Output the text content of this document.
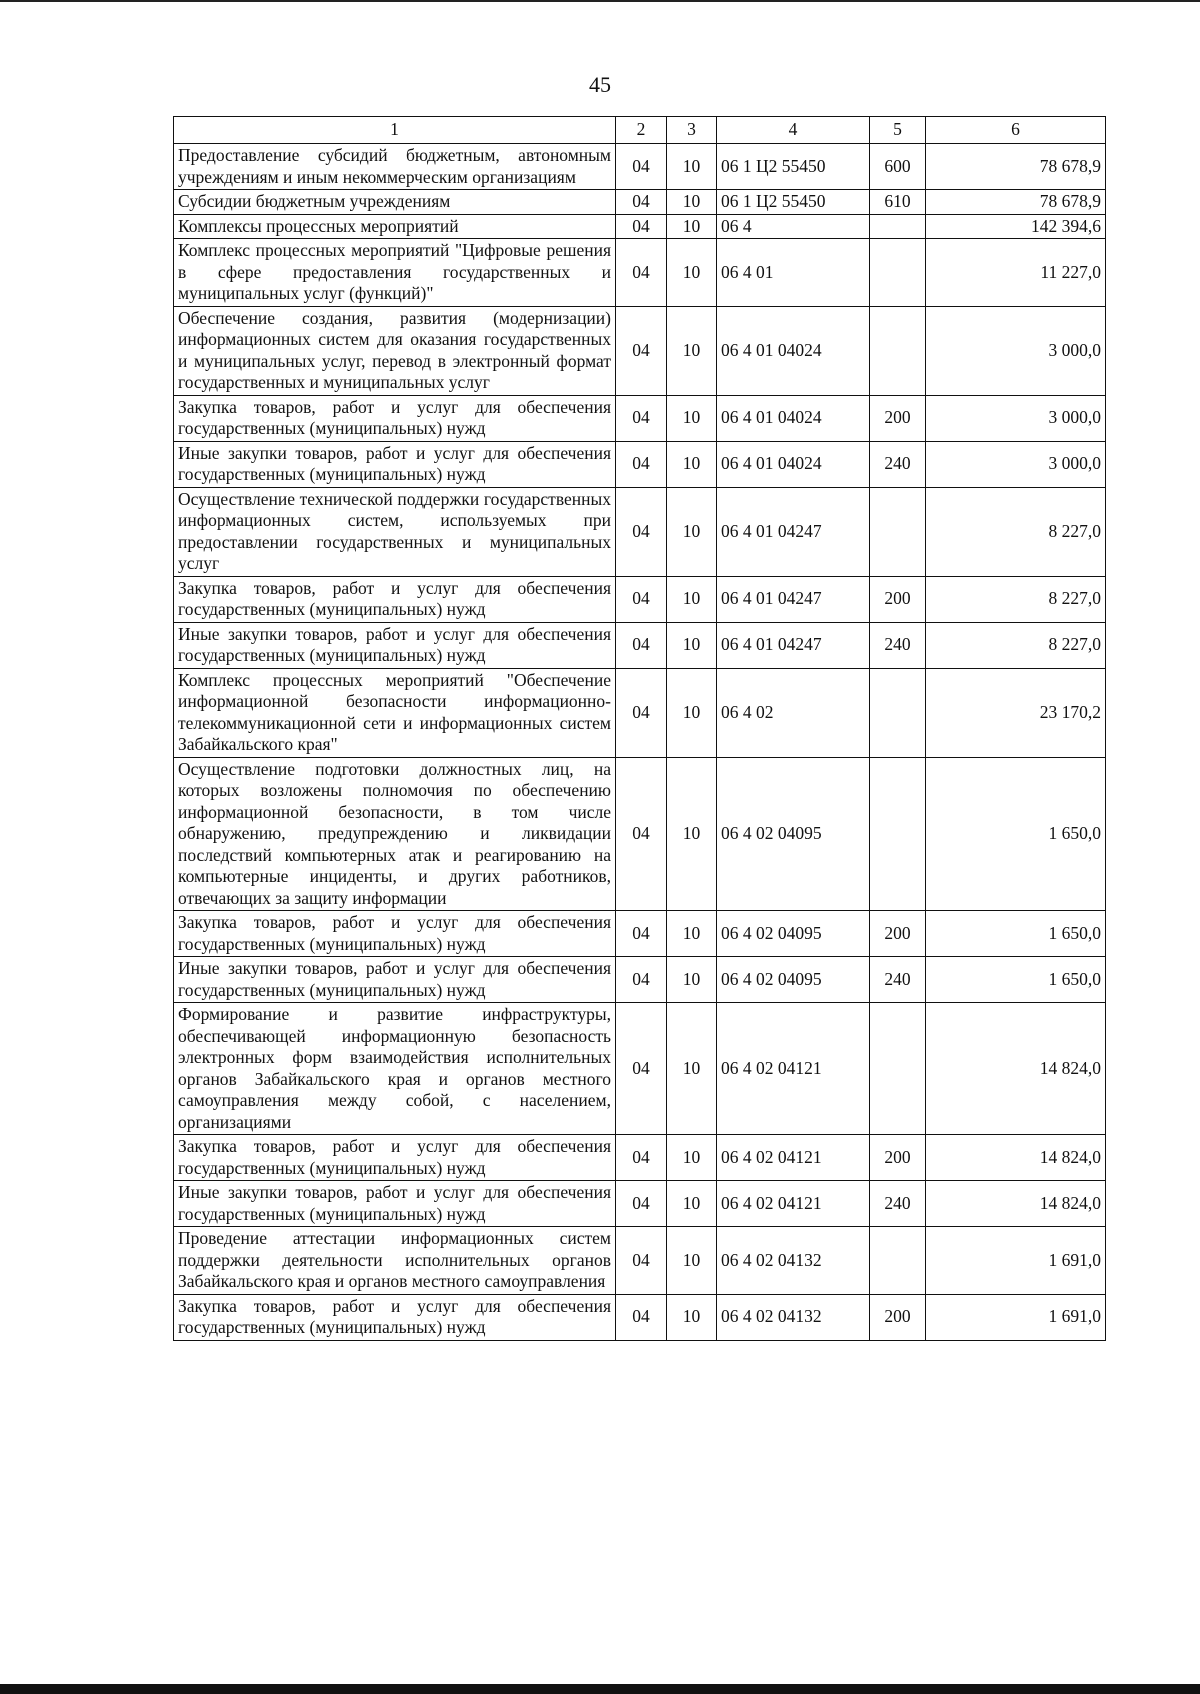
45
1	2	3	4	5	6
Предоставление субсидий бюджетным, автономным учреждениям и иным некоммерческим организациям	04	10	06 1 Ц2 55450	600	78 678,9
Субсидии бюджетным учреждениям	04	10	06 1 Ц2 55450	610	78 678,9
Комплексы процессных мероприятий	04	10	06 4		142 394,6
Комплекс процессных мероприятий "Цифровые решения в сфере предоставления государственных и муниципальных услуг (функций)"	04	10	06 4 01		11 227,0
Обеспечение создания, развития (модернизации) информационных систем для оказания государственных и муниципальных услуг, перевод в электронный формат государственных и муниципальных услуг	04	10	06 4 01 04024		3 000,0
Закупка товаров, работ и услуг для обеспечения государственных (муниципальных) нужд	04	10	06 4 01 04024	200	3 000,0
Иные закупки товаров, работ и услуг для обеспечения государственных (муниципальных) нужд	04	10	06 4 01 04024	240	3 000,0
Осуществление технической поддержки государственных информационных систем, используемых при предоставлении государственных и муниципальных услуг	04	10	06 4 01 04247		8 227,0
Закупка товаров, работ и услуг для обеспечения государственных (муниципальных) нужд	04	10	06 4 01 04247	200	8 227,0
Иные закупки товаров, работ и услуг для обеспечения государственных (муниципальных) нужд	04	10	06 4 01 04247	240	8 227,0
Комплекс процессных мероприятий "Обеспечение информационной безопасности информационно-телекоммуникационной сети и информационных систем Забайкальского края"	04	10	06 4 02		23 170,2
Осуществление подготовки должностных лиц, на которых возложены полномочия по обеспечению информационной безопасности, в том числе обнаружению, предупреждению и ликвидации последствий компьютерных атак и реагированию на компьютерные инциденты, и других работников, отвечающих за защиту информации	04	10	06 4 02 04095		1 650,0
Закупка товаров, работ и услуг для обеспечения государственных (муниципальных) нужд	04	10	06 4 02 04095	200	1 650,0
Иные закупки товаров, работ и услуг для обеспечения государственных (муниципальных) нужд	04	10	06 4 02 04095	240	1 650,0
Формирование и развитие инфраструктуры, обеспечивающей информационную безопасность электронных форм взаимодействия исполнительных органов Забайкальского края и органов местного самоуправления между собой, с населением, организациями	04	10	06 4 02 04121		14 824,0
Закупка товаров, работ и услуг для обеспечения государственных (муниципальных) нужд	04	10	06 4 02 04121	200	14 824,0
Иные закупки товаров, работ и услуг для обеспечения государственных (муниципальных) нужд	04	10	06 4 02 04121	240	14 824,0
Проведение аттестации информационных систем поддержки деятельности исполнительных органов Забайкальского края и органов местного самоуправления	04	10	06 4 02 04132		1 691,0
Закупка товаров, работ и услуг для обеспечения государственных (муниципальных) нужд	04	10	06 4 02 04132	200	1 691,0
